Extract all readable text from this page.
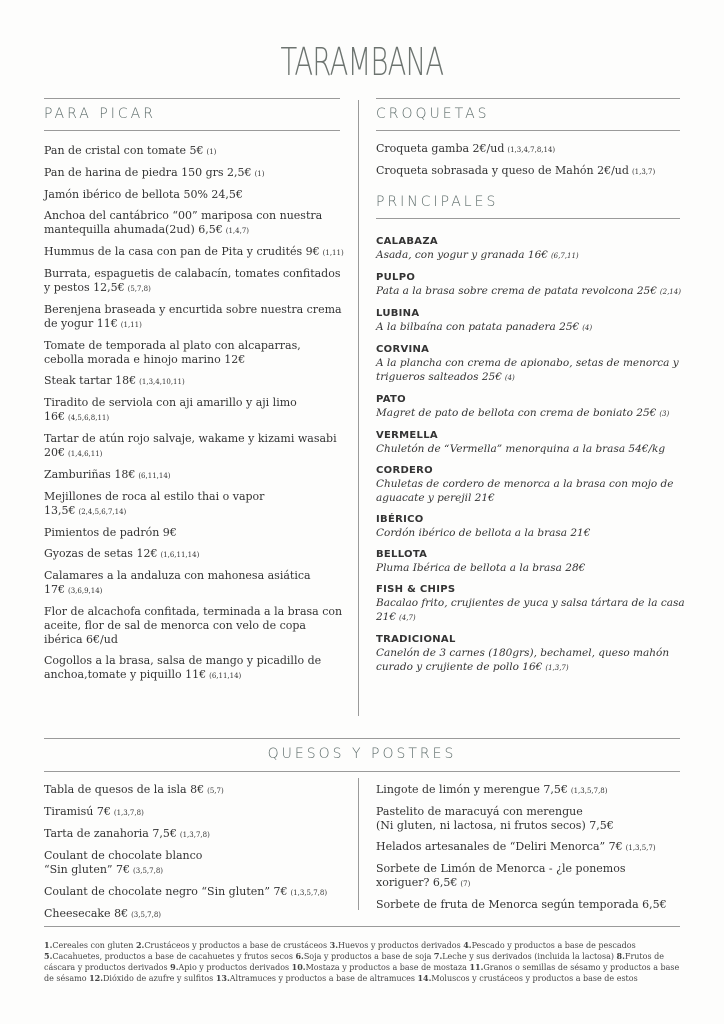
TARAMBANA
PARA PICAR	CROQUETAS
Pan de cristal con tomate 5€ (1)
Pan de harina de piedra 150 grs 2,5€ (1)
Jamón ibérico de bellota 50% 24,5€
Anchoa del cantábrico “00” mariposa con nuestra mantequilla ahumada(2ud) 6,5€ (1,4,7)
Hummus de la casa con pan de Pita y crudités 9€ (1,11)
Burrata, espaguetis de calabacín, tomates confitados y pestos 12,5€ (5,7,8)
Berenjena braseada y encurtida sobre nuestra crema de yogur 11€ (1,11)
Tomate de temporada al plato con alcaparras, cebolla morada e hinojo marino 12€
Steak tartar 18€ (1,3,4,10,11)
Tiradito de serviola con aji amarillo y aji limo 16€ (4,5,6,8,11)
Tartar de atún rojo salvaje, wakame y kizami wasabi 20€ (1,4,6,11)
Zamburiñas 18€ (6,11,14)
Mejillones de roca al estilo thai o vapor 13,5€ (2,4,5,6,7,14)
Pimientos de padrón 9€
Gyozas de setas 12€ (1,6,11,14)
Calamares a la andaluza con mahonesa asiática 17€ (3,6,9,14)
Flor de alcachofa confitada, terminada a la brasa con aceite, flor de sal de menorca con velo de copa ibérica 6€/ud
Cogollos a la brasa, salsa de mango y picadillo de anchoa,tomate y piquillo 11€ (6,11,14)
Croqueta gamba 2€/ud (1,3,4,7,8,14)
Croqueta sobrasada y queso de Mahón 2€/ud (1,3,7)
PRINCIPALES
CALABAZA
Asada, con yogur y granada 16€ (6,7,11)
PULPO
Pata a la brasa sobre crema de patata revolcona 25€ (2,14)
LUBINA
A la bilbaína con patata panadera 25€ (4)
CORVINA
A la plancha con crema de apionabo, setas de menorca y trigueros salteados 25€ (4)
PATO
Magret de pato de bellota con crema de boniato 25€ (3)
VERMELLA
Chuletón de “Vermella” menorquina a la brasa 54€/kg
CORDERO
Chuletas de cordero de menorca a la brasa con mojo de aguacate y perejil 21€
IBÉRICO
Cordón ibérico de bellota a la brasa 21€
BELLOTA
Pluma Ibérica de bellota a la brasa 28€
FISH & CHIPS
Bacalao frito, crujientes de yuca y salsa tártara de la casa 21€ (4,7)
TRADICIONAL
Canelón de 3 carnes (180grs), bechamel, queso mahón curado y crujiente de pollo 16€ (1,3,7)
QUESOS Y POSTRES
Tabla de quesos de la isla 8€ (5,7)
Tiramisú 7€ (1,3,7,8)
Tarta de zanahoria 7,5€ (1,3,7,8)
Coulant de chocolate blanco
“Sin gluten” 7€ (3,5,7,8)
Coulant de chocolate negro “Sin gluten” 7€ (1,3,5,7,8)
Cheesecake 8€ (3,5,7,8)
Lingote de limón y merengue 7,5€ (1,3,5,7,8)
Pastelito de maracuyá con merengue
(Ni gluten, ni lactosa, ni frutos secos) 7,5€
Helados artesanales de “Deliri Menorca” 7€ (1,3,5,7)
Sorbete de Limón de Menorca - ¿le ponemos xoriguer? 6,5€ (7)
Sorbete de fruta de Menorca según temporada 6,5€
1.Cereales con gluten 2.Crustáceos y productos a base de crustáceos 3.Huevos y productos derivados 4.Pescado y productos a base de pescados 5.Cacahuetes, productos a base de cacahuetes y frutos secos 6.Soja y productos a base de soja 7.Leche y sus derivados (incluida la lactosa) 8.Frutos de cáscara y productos derivados 9.Apio y productos derivados 10.Mostaza y productos a base de mostaza 11.Granos o semillas de sésamo y productos a base de sésamo 12.Dióxido de azufre y sulfitos 13.Altramuces y productos a base de altramuces 14.Moluscos y crustáceos y productos a base de estos
